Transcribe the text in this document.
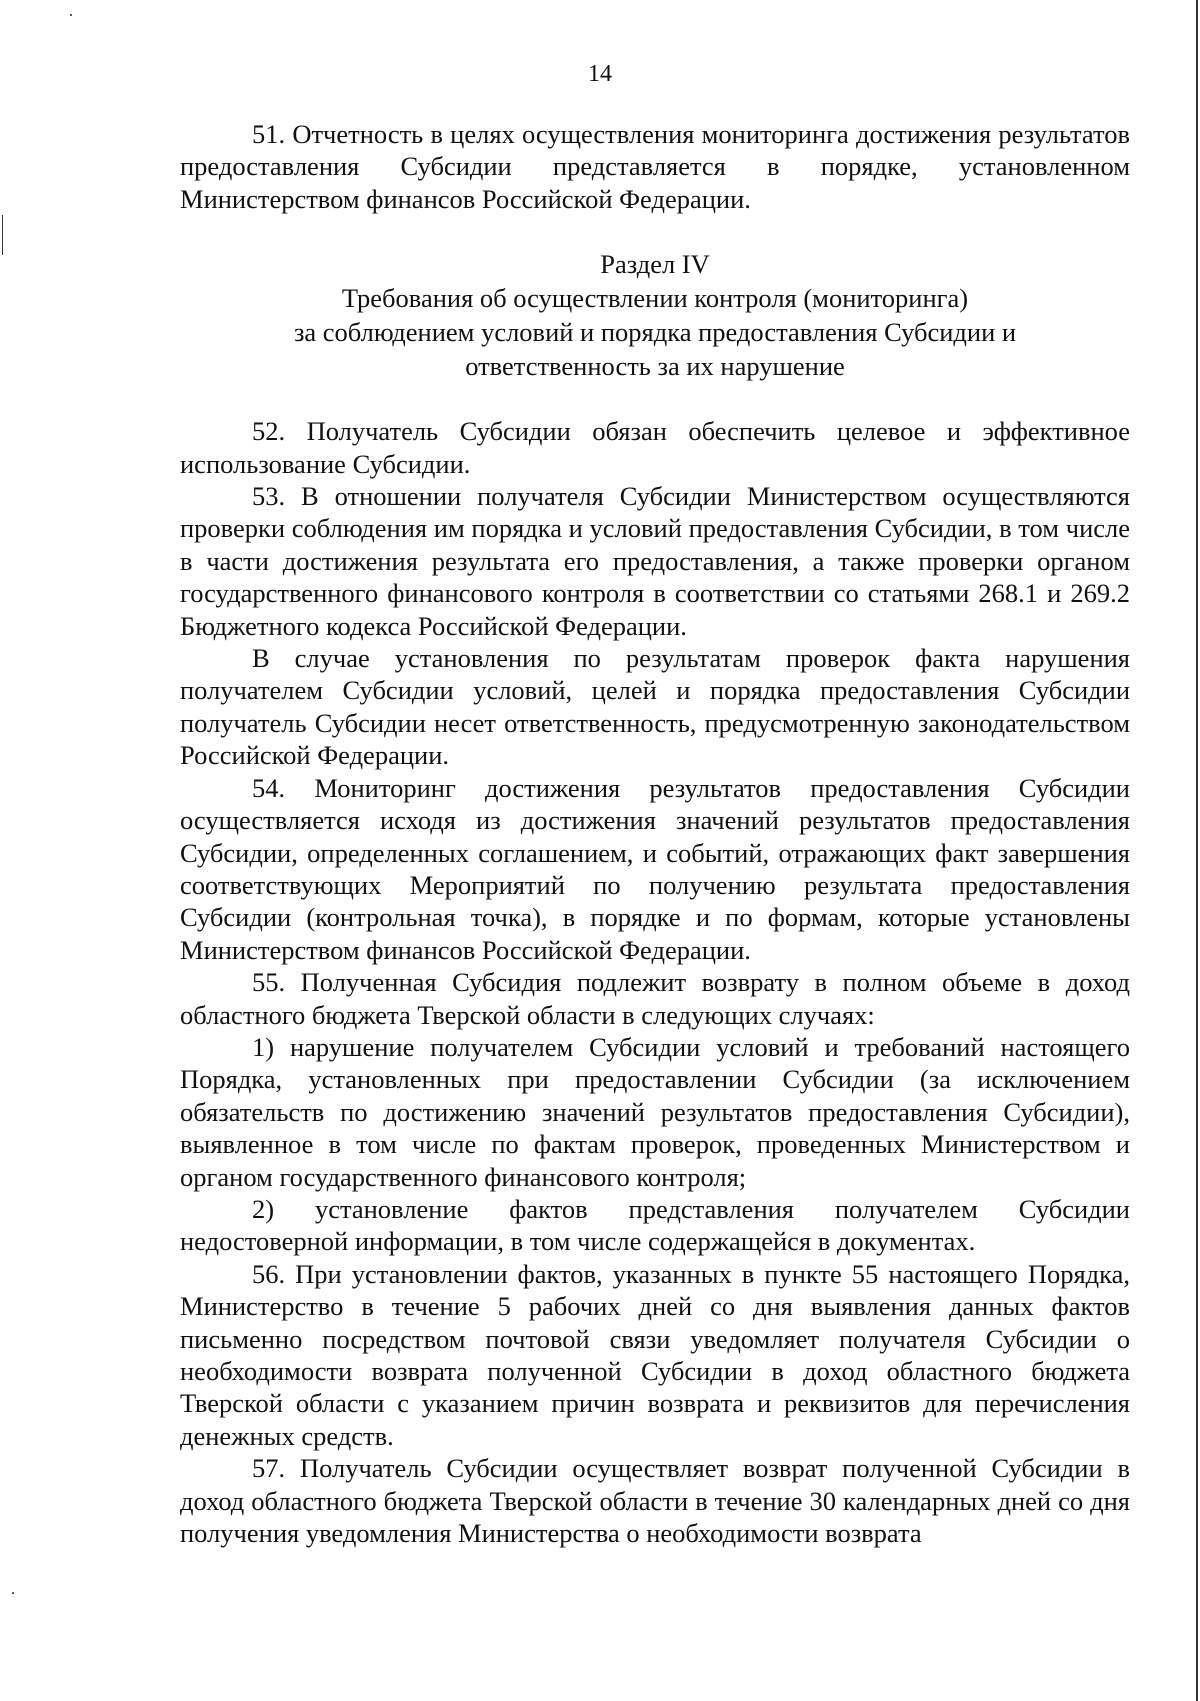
14

51. Отчетность в целях осуществления мониторинга достижения результатов предоставления Субсидии представляется в порядке, установленном Министерством финансов Российской Федерации.

Раздел IV
Требования об осуществлении контроля (мониторинга)
за соблюдением условий и порядка предоставления Субсидии и
ответственность за их нарушение

52. Получатель Субсидии обязан обеспечить целевое и эффективное использование Субсидии.

53. В отношении получателя Субсидии Министерством осуществляются проверки соблюдения им порядка и условий предоставления Субсидии, в том числе в части достижения результата его предоставления, а также проверки органом государственного финансового контроля в соответствии со статьями 268.1 и 269.2 Бюджетного кодекса Российской Федерации.

В случае установления по результатам проверок факта нарушения получателем Субсидии условий, целей и порядка предоставления Субсидии получатель Субсидии несет ответственность, предусмотренную законодательством Российской Федерации.

54. Мониторинг достижения результатов предоставления Субсидии осуществляется исходя из достижения значений результатов предоставления Субсидии, определенных соглашением, и событий, отражающих факт завершения соответствующих Мероприятий по получению результата предоставления Субсидии (контрольная точка), в порядке и по формам, которые установлены Министерством финансов Российской Федерации.

55. Полученная Субсидия подлежит возврату в полном объеме в доход областного бюджета Тверской области в следующих случаях:

1) нарушение получателем Субсидии условий и требований настоящего Порядка, установленных при предоставлении Субсидии (за исключением обязательств по достижению значений результатов предоставления Субсидии), выявленное в том числе по фактам проверок, проведенных Министерством и органом государственного финансового контроля;

2) установление фактов представления получателем Субсидии недостоверной информации, в том числе содержащейся в документах.

56. При установлении фактов, указанных в пункте 55 настоящего Порядка, Министерство в течение 5 рабочих дней со дня выявления данных фактов письменно посредством почтовой связи уведомляет получателя Субсидии о необходимости возврата полученной Субсидии в доход областного бюджета Тверской области с указанием причин возврата и реквизитов для перечисления денежных средств.

57. Получатель Субсидии осуществляет возврат полученной Субсидии в доход областного бюджета Тверской области в течение 30 календарных дней со дня получения уведомления Министерства о необходимости возврата
